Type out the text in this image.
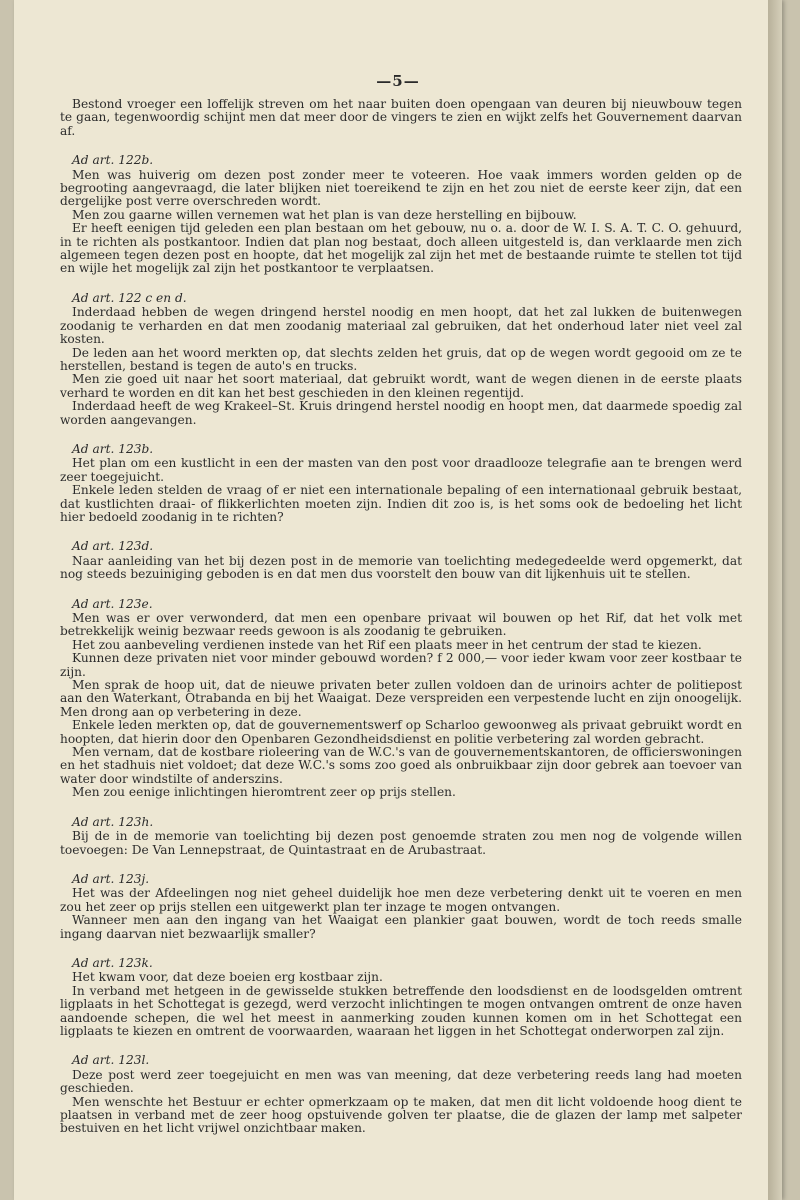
—5—

Bestond vroeger een loffelijk streven om het naar buiten doen opengaan van deuren bij nieuwbouw tegen te gaan, tegenwoordig schijnt men dat meer door de vingers te zien en wijkt zelfs het Gouvernement daarvan af.

Ad art. 122b.

Men was huiverig om dezen post zonder meer te voteeren. Hoe vaak immers worden gelden op de begrooting aangevraagd, die later blijken niet toereikend te zijn en het zou niet de eerste keer zijn, dat een dergelijke post verre overschreden wordt.

Men zou gaarne willen vernemen wat het plan is van deze herstelling en bijbouw.

Er heeft eenigen tijd geleden een plan bestaan om het gebouw, nu o. a. door de W. I. S. A. T. C. O. gehuurd, in te richten als postkantoor. Indien dat plan nog bestaat, doch alleen uitgesteld is, dan verklaarde men zich algemeen tegen dezen post en hoopte, dat het mogelijk zal zijn het met de bestaande ruimte te stellen tot tijd en wijle het mogelijk zal zijn het postkantoor te verplaatsen.

Ad art. 122 c en d.

Inderdaad hebben de wegen dringend herstel noodig en men hoopt, dat het zal lukken de buitenwegen zoodanig te verharden en dat men zoodanig materiaal zal gebruiken, dat het onderhoud later niet veel zal kosten.

De leden aan het woord merkten op, dat slechts zelden het gruis, dat op de wegen wordt gegooid om ze te herstellen, bestand is tegen de auto's en trucks.

Men zie goed uit naar het soort materiaal, dat gebruikt wordt, want de wegen dienen in de eerste plaats verhard te worden en dit kan het best geschieden in den kleinen regentijd.

Inderdaad heeft de weg Krakeel–St. Kruis dringend herstel noodig en hoopt men, dat daarmede spoedig zal worden aangevangen.

Ad art. 123b.

Het plan om een kustlicht in een der masten van den post voor draadlooze telegrafie aan te brengen werd zeer toegejuicht.

Enkele leden stelden de vraag of er niet een internationale bepaling of een internationaal gebruik bestaat, dat kustlichten draai- of flikkerlichten moeten zijn. Indien dit zoo is, is het soms ook de bedoeling het licht hier bedoeld zoodanig in te richten?

Ad art. 123d.

Naar aanleiding van het bij dezen post in de memorie van toelichting medegedeelde werd opgemerkt, dat nog steeds bezuiniging geboden is en dat men dus voorstelt den bouw van dit lijkenhuis uit te stellen.

Ad art. 123e.

Men was er over verwonderd, dat men een openbare privaat wil bouwen op het Rif, dat het volk met betrekkelijk weinig bezwaar reeds gewoon is als zoodanig te gebruiken.

Het zou aanbeveling verdienen instede van het Rif een plaats meer in het centrum der stad te kiezen.

Kunnen deze privaten niet voor minder gebouwd worden? f 2 000,— voor ieder kwam voor zeer kostbaar te zijn.

Men sprak de hoop uit, dat de nieuwe privaten beter zullen voldoen dan de urinoirs achter de politiepost aan den Waterkant, Otrabanda en bij het Waaigat. Deze verspreiden een verpestende lucht en zijn onoogelijk. Men drong aan op verbetering in deze.

Enkele leden merkten op, dat de gouvernementswerf op Scharloo gewoonweg als privaat gebruikt wordt en hoopten, dat hierin door den Openbaren Gezondheidsdienst en politie verbetering zal worden gebracht.

Men vernam, dat de kostbare rioleering van de W.C.'s van de gouvernementskantoren, de officierswoningen en het stadhuis niet voldoet; dat deze W.C.'s soms zoo goed als onbruikbaar zijn door gebrek aan toevoer van water door windstilte of anderszins.

Men zou eenige inlichtingen hieromtrent zeer op prijs stellen.

Ad art. 123h.

Bij de in de memorie van toelichting bij dezen post genoemde straten zou men nog de volgende willen toevoegen: De Van Lennepstraat, de Quintastraat en de Arubastraat.

Ad art. 123j.

Het was der Afdeelingen nog niet geheel duidelijk hoe men deze verbetering denkt uit te voeren en men zou het zeer op prijs stellen een uitgewerkt plan ter inzage te mogen ontvangen.

Wanneer men aan den ingang van het Waaigat een plankier gaat bouwen, wordt de toch reeds smalle ingang daarvan niet bezwaarlijk smaller?

Ad art. 123k.

Het kwam voor, dat deze boeien erg kostbaar zijn.

In verband met hetgeen in de gewisselde stukken betreffende den loodsdienst en de loodsgelden omtrent ligplaats in het Schottegat is gezegd, werd verzocht inlichtingen te mogen ontvangen omtrent de onze haven aandoende schepen, die wel het meest in aanmerking zouden kunnen komen om in het Schottegat een ligplaats te kiezen en omtrent de voorwaarden, waaraan het liggen in het Schottegat onderworpen zal zijn.

Ad art. 123l.

Deze post werd zeer toegejuicht en men was van meening, dat deze verbetering reeds lang had moeten geschieden.

Men wenschte het Bestuur er echter opmerkzaam op te maken, dat men dit licht voldoende hoog dient te plaatsen in verband met de zeer hoog opstuivende golven ter plaatse, die de glazen der lamp met salpeter bestuiven en het licht vrijwel onzichtbaar maken.
